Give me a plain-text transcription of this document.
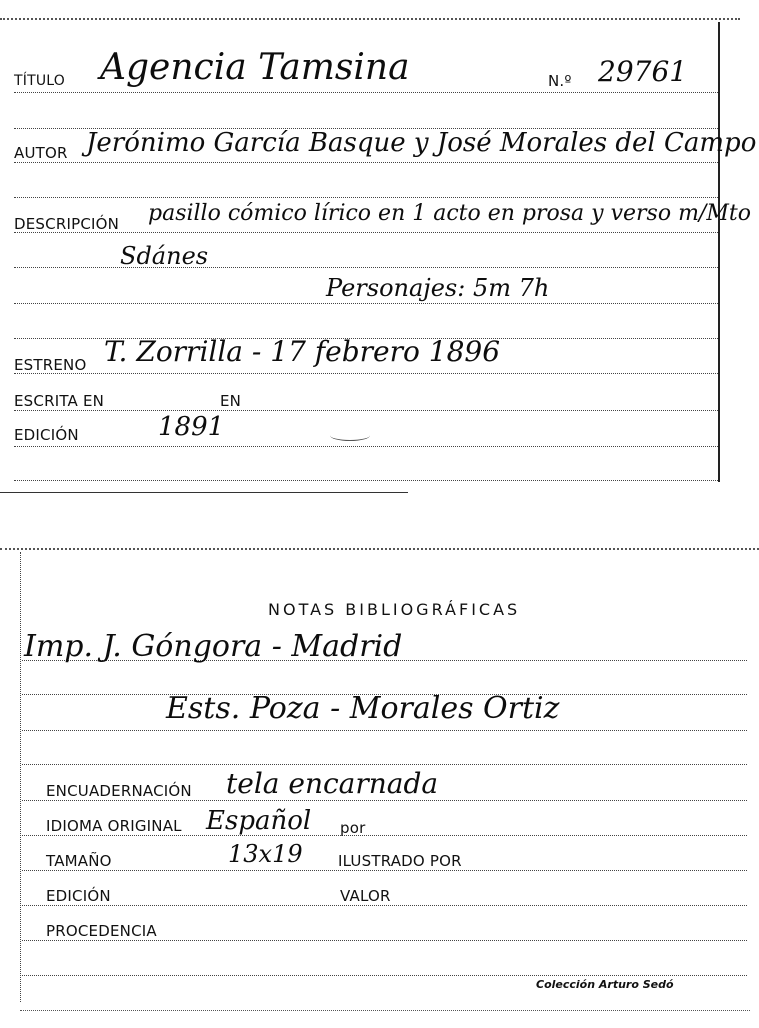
TÍTULO Agencia Tamsina	N.º 29761
AUTOR Jerónimo García Basque y José Morales del Campo
DESCRIPCIÓN pasillo cómico lírico en 1 acto en prosa y verso m/Mto
Sdánes
Personajes: 5m 7h
ESTRENO T. Zorrilla - 17 febrero 1896
ESCRITA EN	EN
EDICIÓN	1891
NOTAS BIBLIOGRÁFICAS
Imp. J. Góngora - Madrid
Ests. Poza - Morales Ortiz
ENCUADERNACIÓN tela encarnada
IDIOMA ORIGINAL Español por
TAMAÑO	13x19 ILUSTRADO POR
EDICIÓN	VALOR
PROCEDENCIA
Colección Arturo Sedó
